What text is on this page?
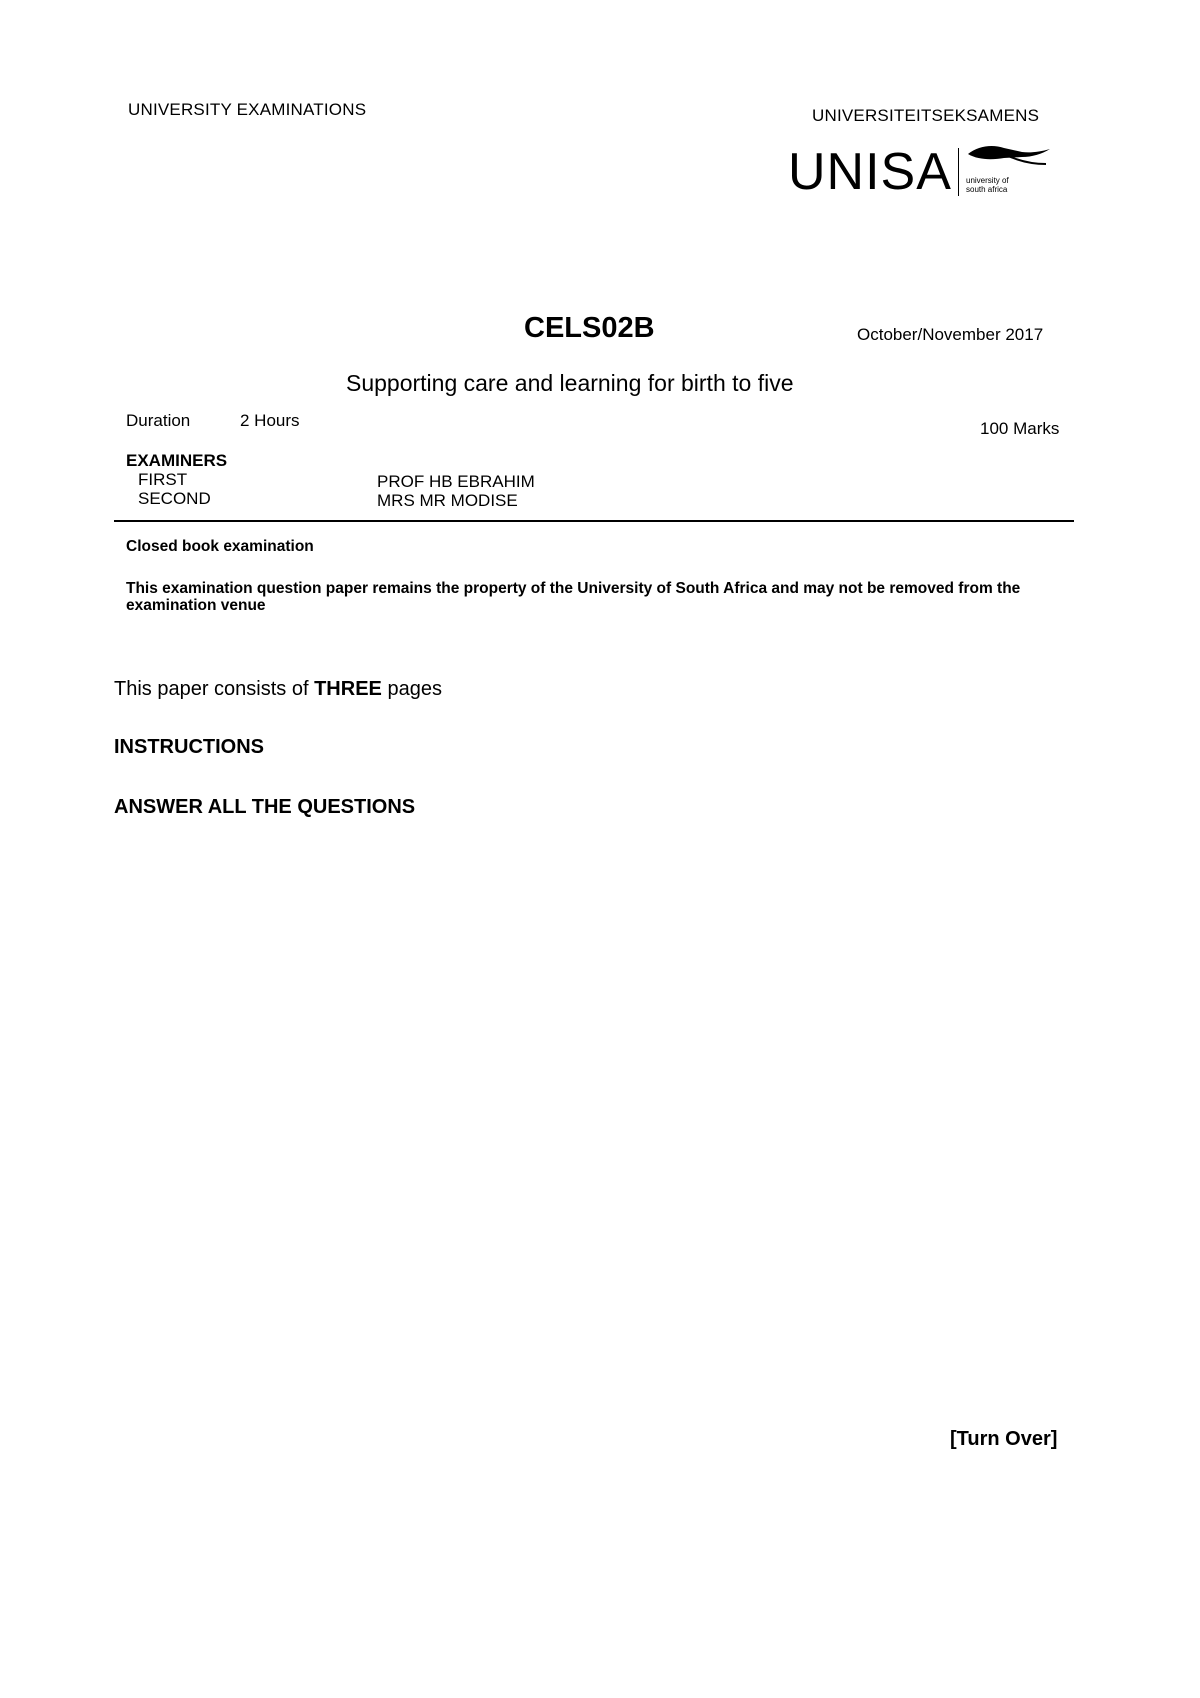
UNIVERSITY EXAMINATIONS	UNIVERSITEITSEKSAMENS
UNISA university of south africa
CELS02B	October/November 2017
Supporting care and learning for birth to five
Duration	2 Hours	100 Marks
EXAMINERS
FIRST	PROF HB EBRAHIM
SECOND	MRS MR MODISE
Closed book examination
This examination question paper remains the property of the University of South Africa and may not be removed from the examination venue
This paper consists of THREE pages
INSTRUCTIONS
ANSWER ALL THE QUESTIONS
[Turn Over]
